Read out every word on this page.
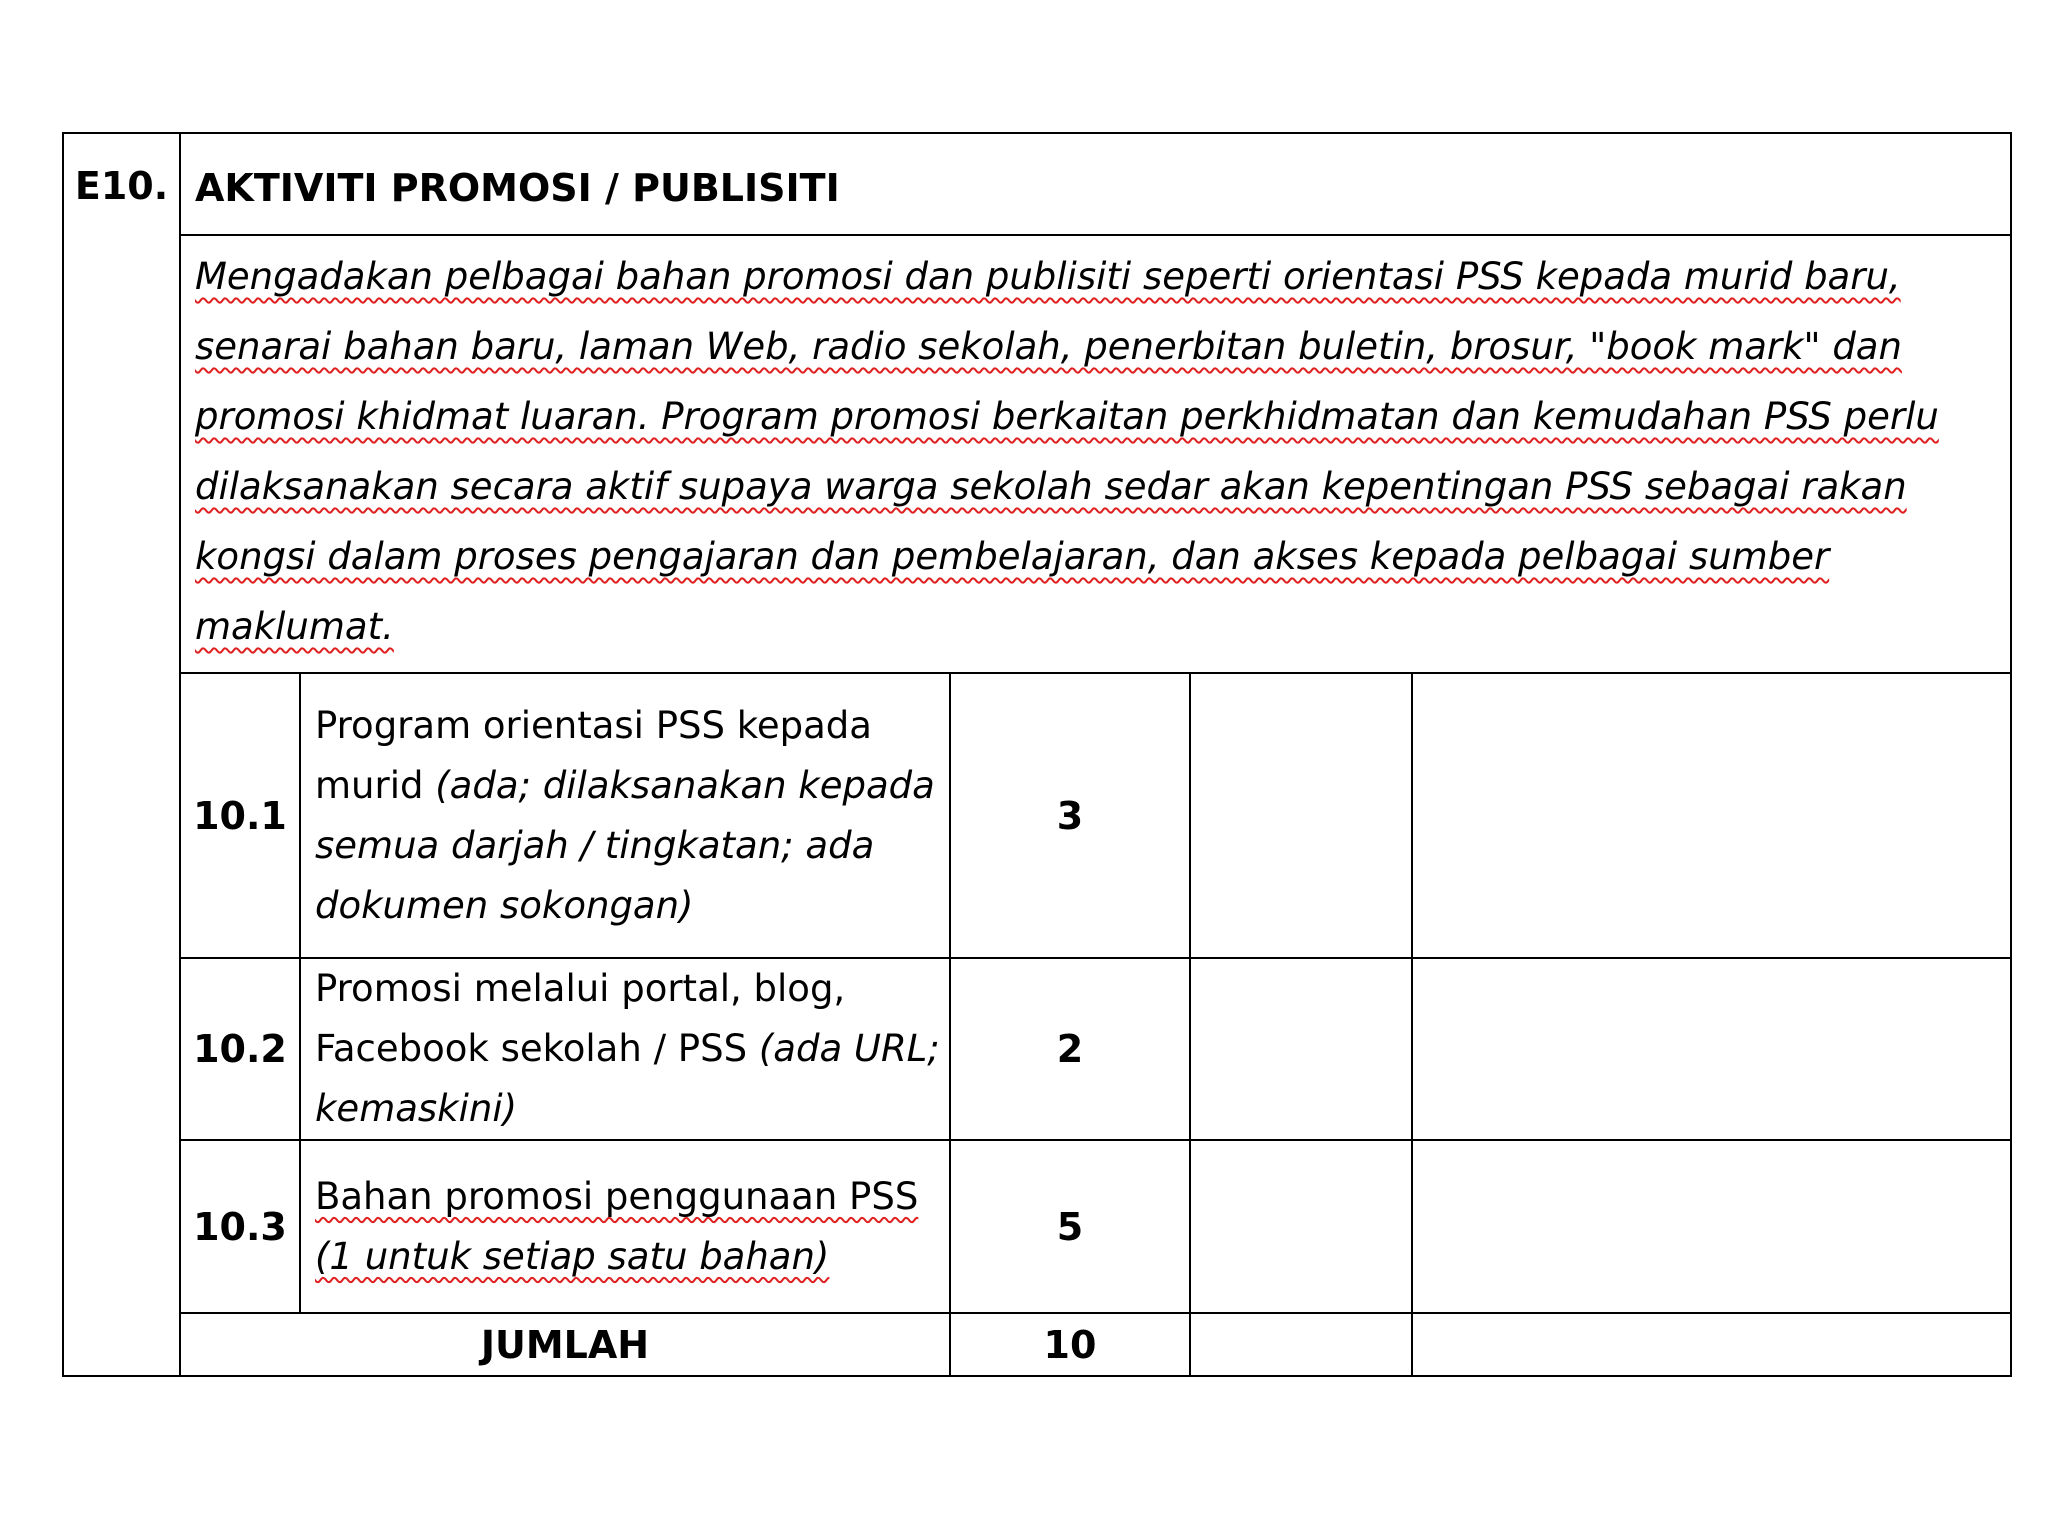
E10.	AKTIVITI PROMOSI / PUBLISITI				
	Mengadakan pelbagai bahan promosi dan publisiti seperti orientasi PSS kepada murid baru, senarai bahan baru, laman Web, radio sekolah, penerbitan buletin, brosur, "book mark" dan promosi khidmat luaran. Program promosi berkaitan perkhidmatan dan kemudahan PSS perlu dilaksanakan secara aktif supaya warga sekolah sedar akan kepentingan PSS sebagai rakan kongsi dalam proses pengajaran dan pembelajaran, dan akses kepada pelbagai sumber maklumat.				
	10.1	Program orientasi PSS kepada murid (ada; dilaksanakan kepada semua darjah / tingkatan; ada dokumen sokongan)	3		
	10.2	Promosi melalui portal, blog, Facebook sekolah / PSS (ada URL; kemaskini)	2		
	10.3	Bahan promosi penggunaan PSS (1 untuk setiap satu bahan)	5		
	JUMLAH		10		
